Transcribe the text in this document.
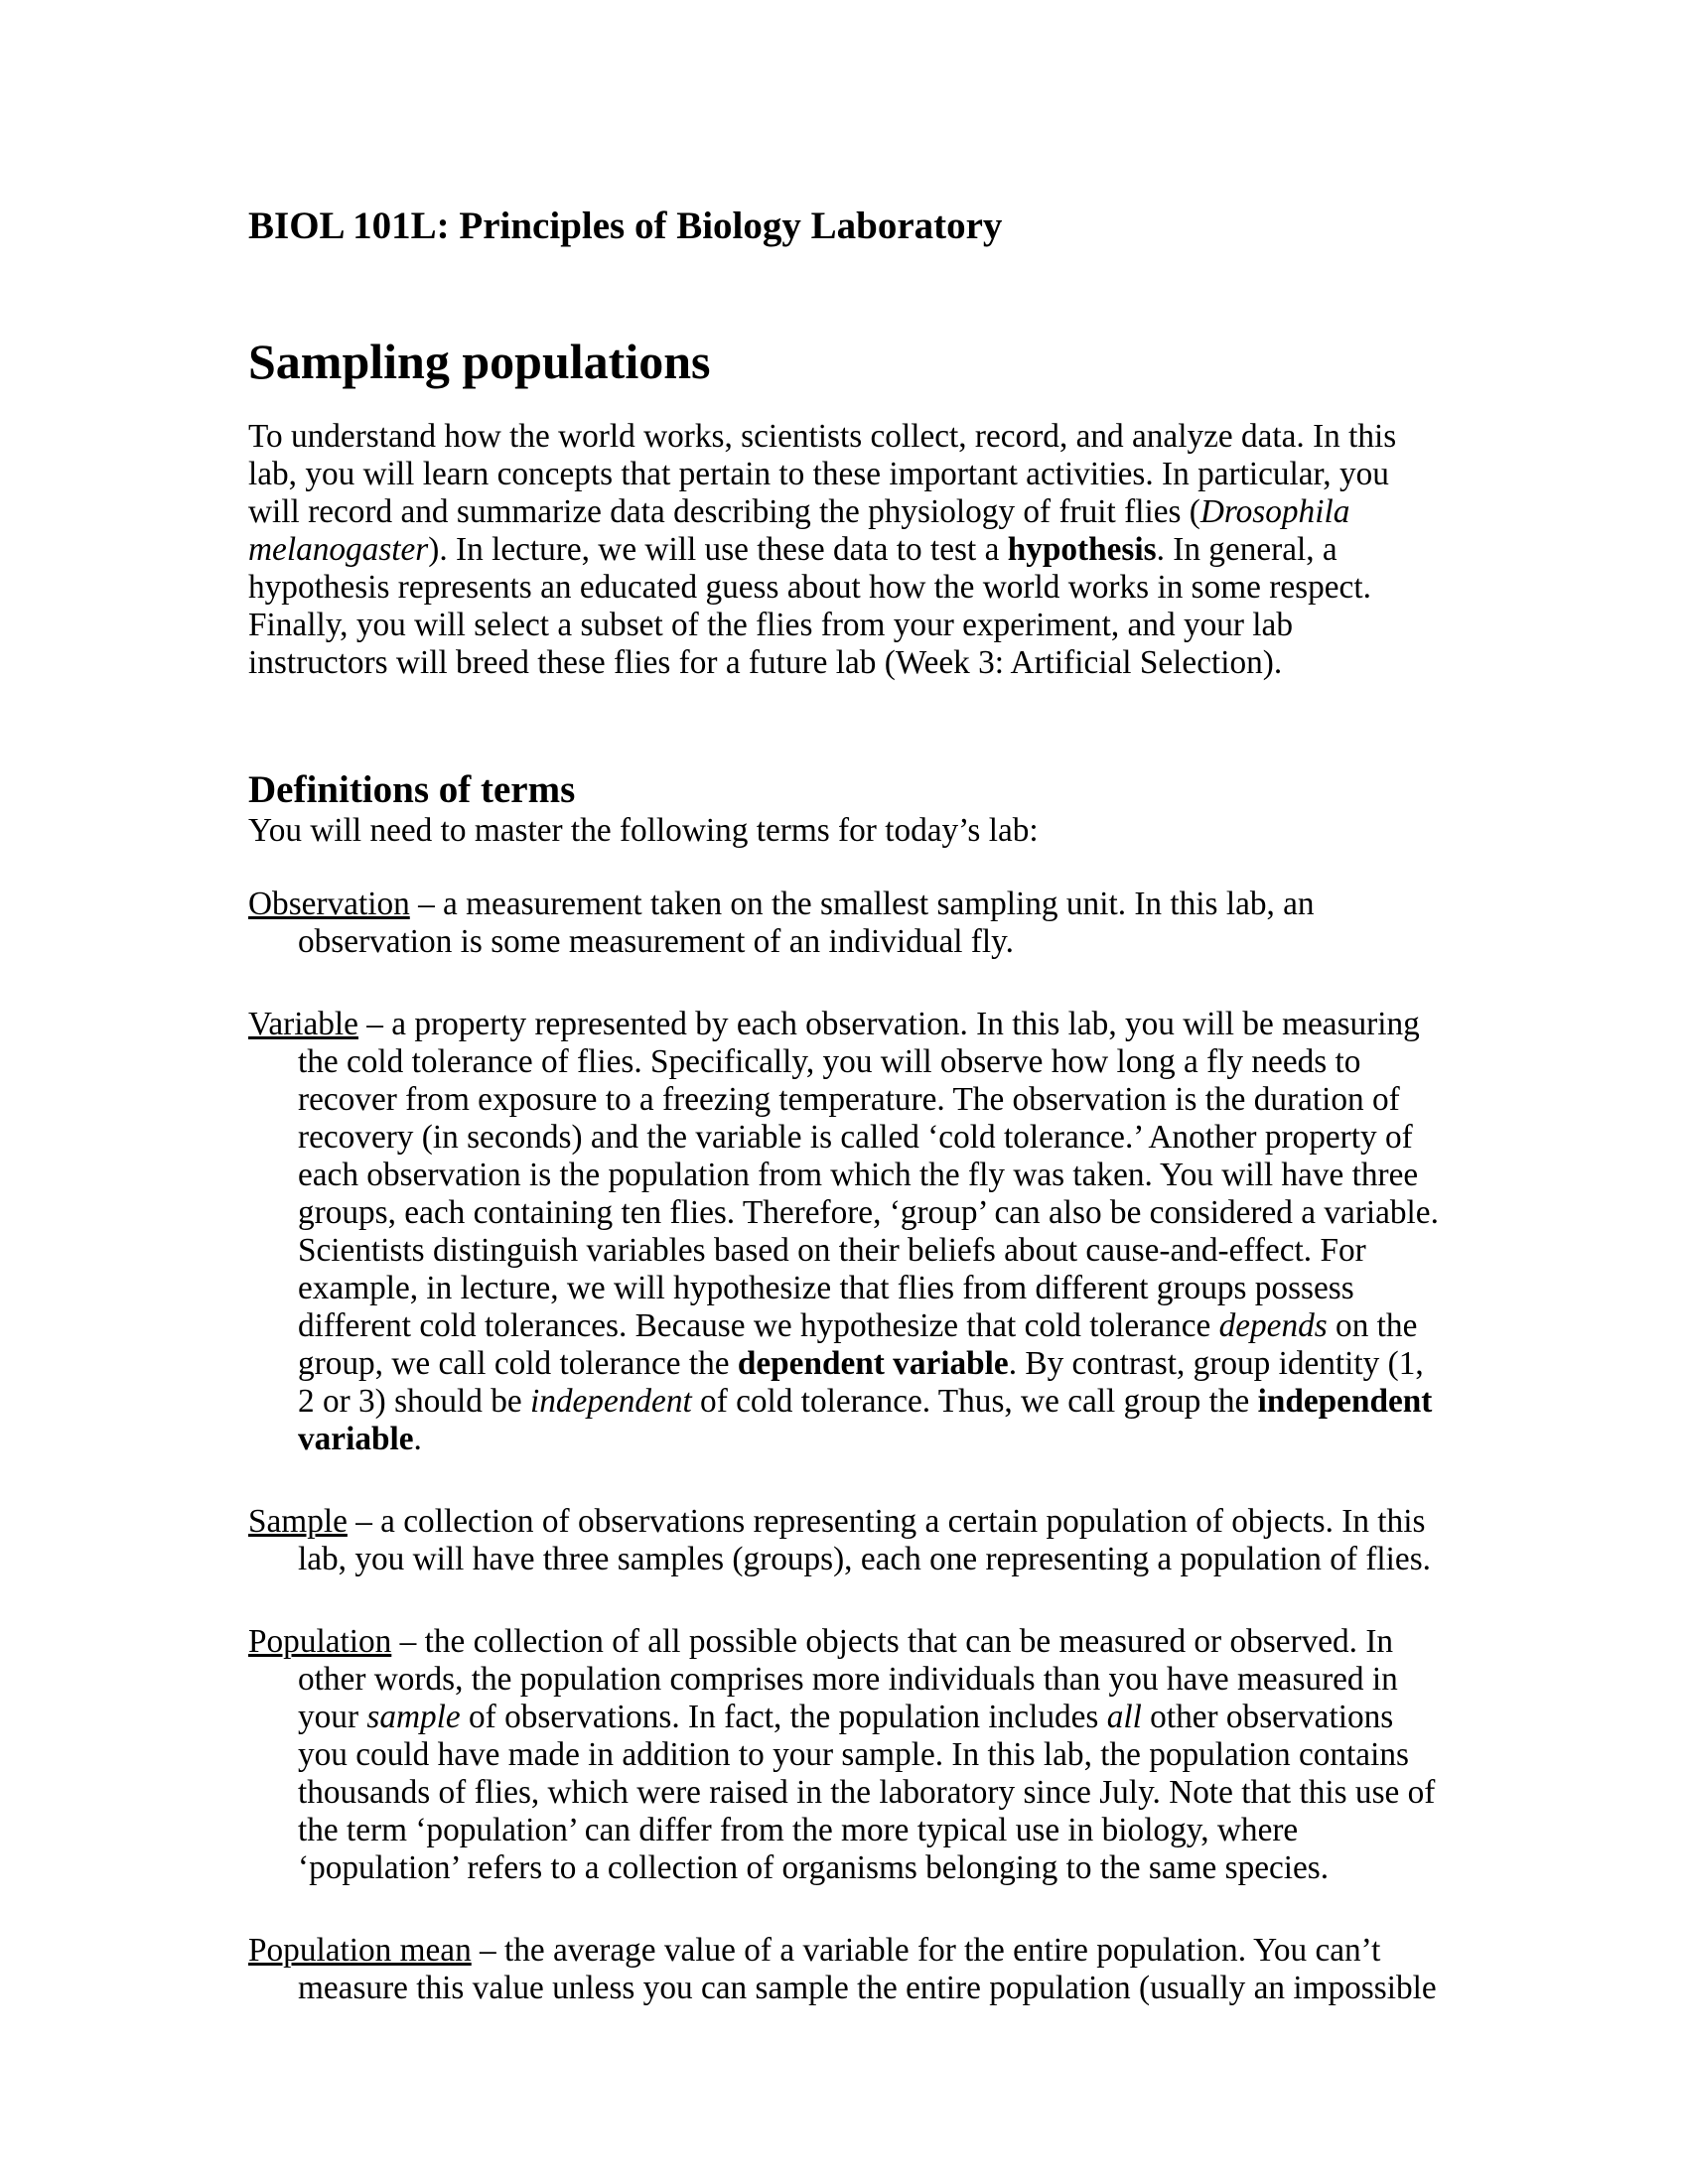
BIOL 101L: Principles of Biology Laboratory
Sampling populations

To understand how the world works, scientists collect, record, and analyze data. In this lab, you will learn concepts that pertain to these important activities. In particular, you will record and summarize data describing the physiology of fruit flies (Drosophila melanogaster). In lecture, we will use these data to test a hypothesis. In general, a hypothesis represents an educated guess about how the world works in some respect. Finally, you will select a subset of the flies from your experiment, and your lab instructors will breed these flies for a future lab (Week 3: Artificial Selection).

Definitions of terms

You will need to master the following terms for today’s lab:

Observation – a measurement taken on the smallest sampling unit. In this lab, an observation is some measurement of an individual fly.

Variable – a property represented by each observation. In this lab, you will be measuring the cold tolerance of flies. Specifically, you will observe how long a fly needs to recover from exposure to a freezing temperature. The observation is the duration of recovery (in seconds) and the variable is called ‘cold tolerance.’ Another property of each observation is the population from which the fly was taken. You will have three groups, each containing ten flies. Therefore, ‘group’ can also be considered a variable. Scientists distinguish variables based on their beliefs about cause-and-effect. For example, in lecture, we will hypothesize that flies from different groups possess different cold tolerances. Because we hypothesize that cold tolerance depends on the group, we call cold tolerance the dependent variable. By contrast, group identity (1, 2 or 3) should be independent of cold tolerance. Thus, we call group the independent variable.

Sample – a collection of observations representing a certain population of objects. In this lab, you will have three samples (groups), each one representing a population of flies.

Population – the collection of all possible objects that can be measured or observed. In other words, the population comprises more individuals than you have measured in your sample of observations. In fact, the population includes all other observations you could have made in addition to your sample. In this lab, the population contains thousands of flies, which were raised in the laboratory since July. Note that this use of the term ‘population’ can differ from the more typical use in biology, where ‘population’ refers to a collection of organisms belonging to the same species.

Population mean – the average value of a variable for the entire population. You can’t measure this value unless you can sample the entire population (usually an impossible
